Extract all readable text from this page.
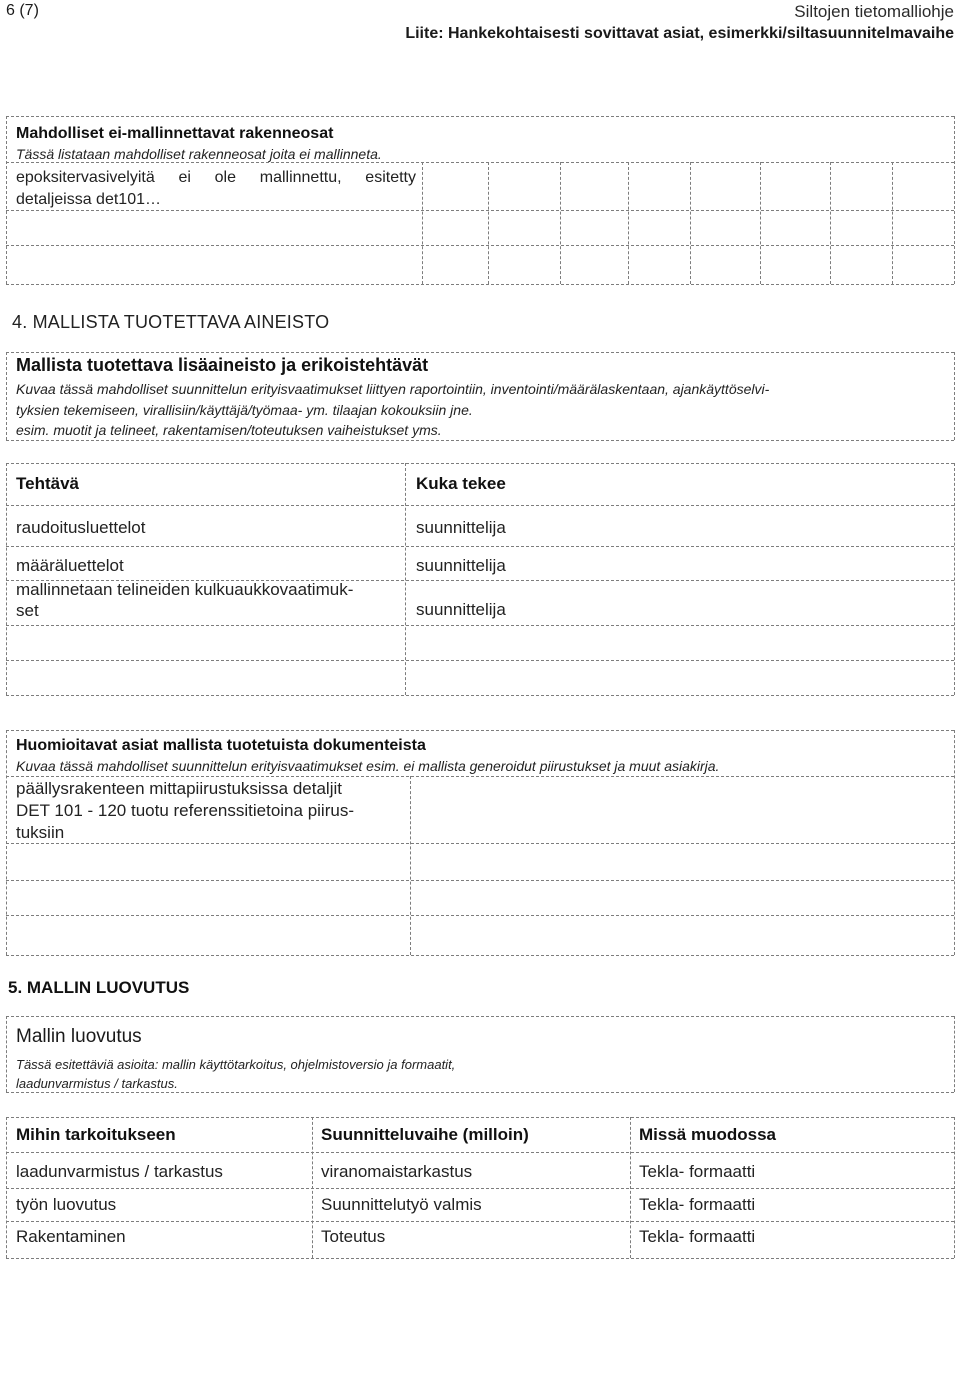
6 (7)	Siltojen tietomalliohje
Liite: Hankekohtaisesti sovittavat asiat, esimerkki/siltasuunnitelmavaihe
Mahdolliset ei-mallinnettavat rakenneosat
Tässä listataan mahdolliset rakenneosat joita ei mallinneta.
epoksitervasivelyitä ei ole mallinnettu, esitetty
detaljeissa det101…
4. MALLISTA TUOTETTAVA AINEISTO
Mallista tuotettava lisäaineisto ja erikoistehtävät
Kuvaa tässä mahdolliset suunnittelun erityisvaatimukset liittyen raportointiin, inventointi/määrälaskentaan, ajankäyttöselvi-
tyksien tekemiseen, virallisiin/käyttäjä/työmaa- ym. tilaajan kokouksiin jne.
esim. muotit ja telineet, rakentamisen/toteutuksen vaiheistukset yms.
Tehtävä	Kuka tekee
raudoitusluettelot	suunnittelija
määräluettelot	suunnittelija
mallinnetaan telineiden kulkuaukkovaatimuk-
set	suunnittelija
Huomioitavat asiat mallista tuotetuista dokumenteista
Kuvaa tässä mahdolliset suunnittelun erityisvaatimukset esim. ei mallista generoidut piirustukset ja muut asiakirja.
päällysrakenteen mittapiirustuksissa detaljit
DET 101 - 120 tuotu referenssitietoina piirus-
tuksiin
5. MALLIN LUOVUTUS
Mallin luovutus
Tässä esitettäviä asioita: mallin käyttötarkoitus, ohjelmistoversio ja formaatit,
laadunvarmistus / tarkastus.
Mihin tarkoitukseen	Suunnitteluvaihe (milloin)	Missä muodossa
laadunvarmistus / tarkastus	viranomaistarkastus	Tekla- formaatti
työn luovutus	Suunnittelutyö valmis	Tekla- formaatti
Rakentaminen	Toteutus	Tekla- formaatti
